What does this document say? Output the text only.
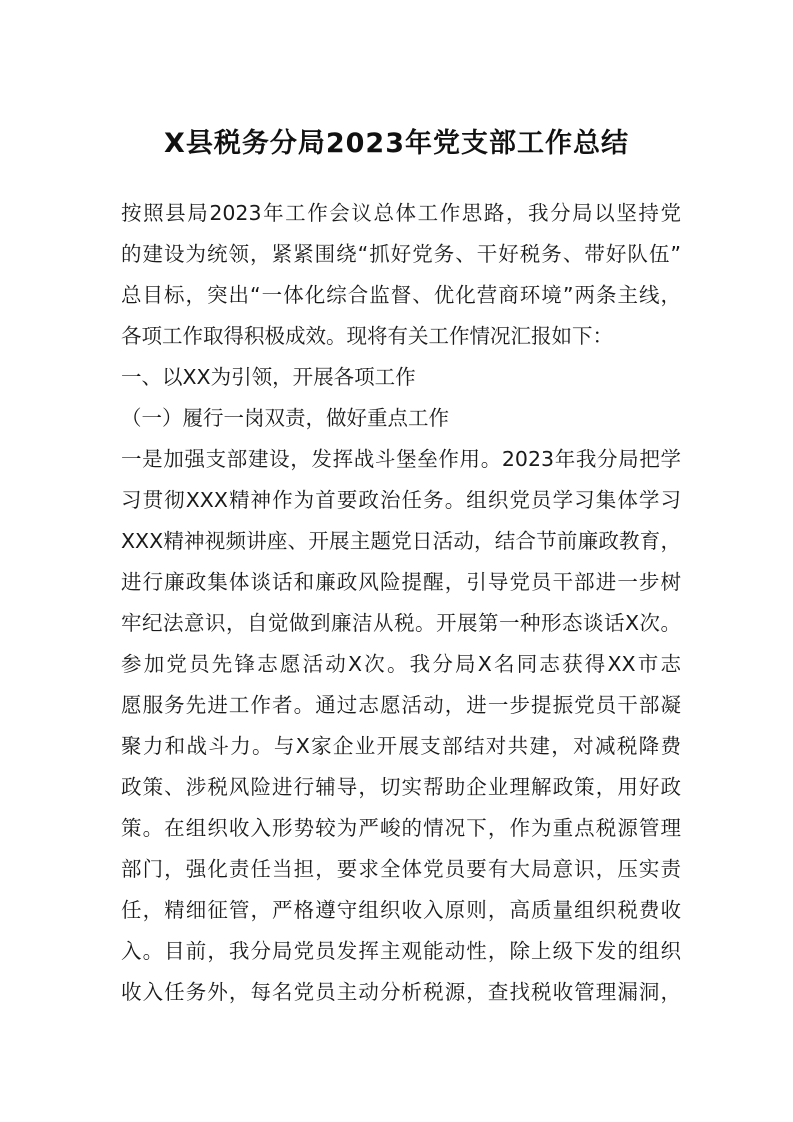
X县税务分局2023年党支部工作总结
按照县局2023年工作会议总体工作思路，我分局以坚持党
的建设为统领，紧紧围绕“抓好党务、干好税务、带好队伍”
总目标，突出“一体化综合监督、优化营商环境”两条主线，
各项工作取得积极成效。现将有关工作情况汇报如下：
一、以XX为引领，开展各项工作
（一）履行一岗双责，做好重点工作
一是加强支部建设，发挥战斗堡垒作用。2023年我分局把学
习贯彻XXX精神作为首要政治任务。组织党员学习集体学习
XXX精神视频讲座、开展主题党日活动，结合节前廉政教育，
进行廉政集体谈话和廉政风险提醒，引导党员干部进一步树
牢纪法意识，自觉做到廉洁从税。开展第一种形态谈话X次。
参加党员先锋志愿活动X次。我分局X名同志获得XX市志
愿服务先进工作者。通过志愿活动，进一步提振党员干部凝
聚力和战斗力。与X家企业开展支部结对共建，对减税降费
政策、涉税风险进行辅导，切实帮助企业理解政策，用好政
策。在组织收入形势较为严峻的情况下，作为重点税源管理
部门，强化责任当担，要求全体党员要有大局意识，压实责
任，精细征管，严格遵守组织收入原则，高质量组织税费收
入。目前，我分局党员发挥主观能动性，除上级下发的组织
收入任务外，每名党员主动分析税源，查找税收管理漏洞，
